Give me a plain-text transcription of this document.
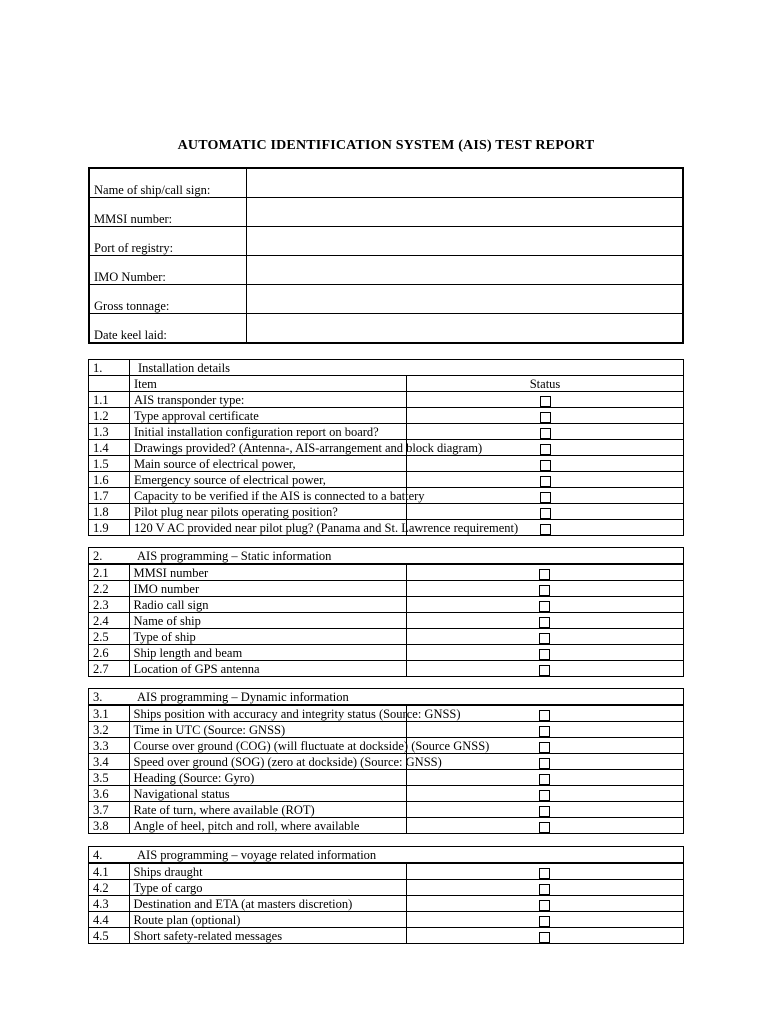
AUTOMATIC IDENTIFICATION SYSTEM (AIS) TEST REPORT
Name of ship/call sign:	
MMSI number:	
Port of registry:	
IMO Number:	
Gross tonnage:	
Date keel laid:	
1.	Installation details	
	Item	Status
1.1	AIS transponder type:	
1.2	Type approval certificate	
1.3	Initial installation configuration report on board?	
1.4	Drawings provided? (Antenna-, AIS-arrangement and block diagram)	
1.5	Main source of electrical power,	
1.6	Emergency source of electrical power,	
1.7	Capacity to be verified if the AIS is connected to a battery	
1.8	Pilot plug near pilots operating position?	
1.9	120 V AC provided near pilot plug? (Panama and St. Lawrence requirement)	
2.	AIS programming – Static information	
2.1	MMSI number	
2.2	IMO number	
2.3	Radio call sign	
2.4	Name of ship	
2.5	Type of ship	
2.6	Ship length and beam	
2.7	Location of GPS antenna	
3.	AIS programming – Dynamic information	
3.1	Ships position with accuracy and integrity status (Source: GNSS)	
3.2	Time in UTC (Source: GNSS)	
3.3	Course over ground (COG) (will fluctuate at dockside) (Source GNSS)	
3.4	Speed over ground (SOG) (zero at dockside) (Source: GNSS)	
3.5	Heading (Source: Gyro)	
3.6	Navigational status	
3.7	Rate of turn, where available (ROT)	
3.8	Angle of heel, pitch and roll, where available	
4.	AIS programming – voyage related information	
4.1	Ships draught	
4.2	Type of cargo	
4.3	Destination and ETA (at masters discretion)	
4.4	Route plan (optional)	
4.5	Short safety-related messages	
